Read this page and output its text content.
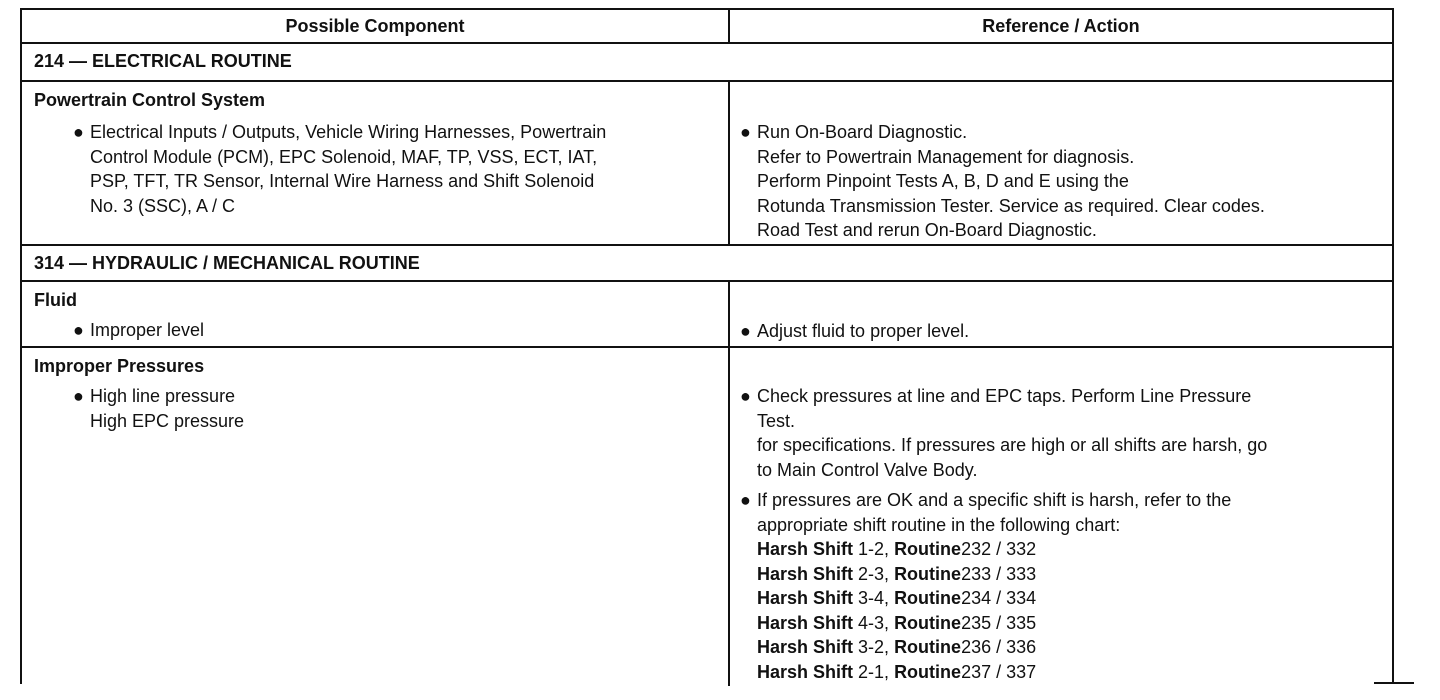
Possible Component	Reference / Action
214 — ELECTRICAL ROUTINE
Powertrain Control System
● Electrical Inputs / Outputs, Vehicle Wiring Harnesses, Powertrain
Control Module (PCM), EPC Solenoid, MAF, TP, VSS, ECT, IAT,
PSP, TFT, TR Sensor, Internal Wire Harness and Shift Solenoid
No. 3 (SSC), A / C
● Run On-Board Diagnostic.
Refer to Powertrain Management for diagnosis.
Perform Pinpoint Tests A, B, D and E using the
Rotunda Transmission Tester. Service as required. Clear codes.
Road Test and rerun On-Board Diagnostic.
314 — HYDRAULIC / MECHANICAL ROUTINE
Fluid
● Improper level	● Adjust fluid to proper level.
Improper Pressures
● High line pressure
High EPC pressure
● Check pressures at line and EPC taps. Perform Line Pressure
Test.
for specifications. If pressures are high or all shifts are harsh, go
to Main Control Valve Body.
● If pressures are OK and a specific shift is harsh, refer to the
appropriate shift routine in the following chart:
Harsh Shift 1-2, Routine232 / 332
Harsh Shift 2-3, Routine233 / 333
Harsh Shift 3-4, Routine234 / 334
Harsh Shift 4-3, Routine235 / 335
Harsh Shift 3-2, Routine236 / 336
Harsh Shift 2-1, Routine237 / 337
